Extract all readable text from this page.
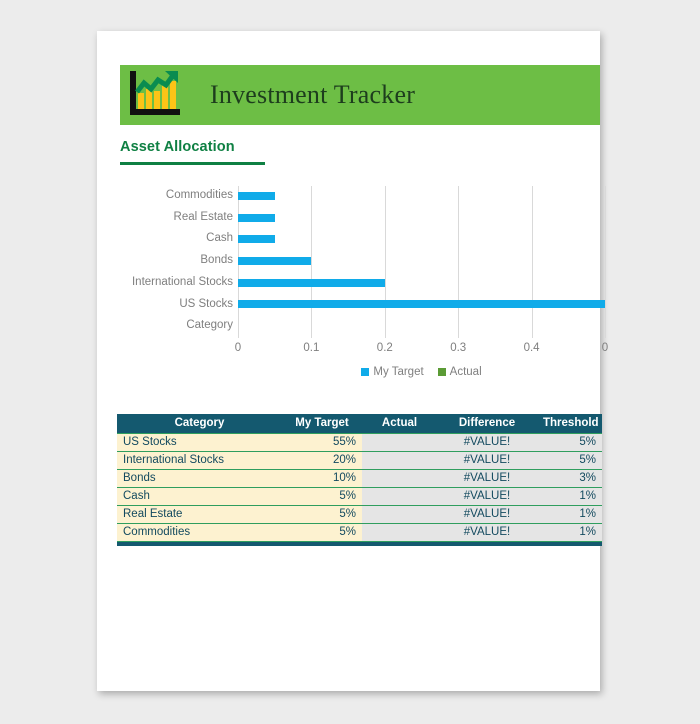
Investment Tracker
Asset Allocation
Commodities
Real Estate
Cash
Bonds
International Stocks
US Stocks
Category
0	0.1	0.2	0.3	0.4	0
My Target Actual
Category	My Target	Actual	Difference	Threshold
US Stocks	55%		#VALUE!	5%
International Stocks	20%		#VALUE!	5%
Bonds	10%		#VALUE!	3%
Cash	5%		#VALUE!	1%
Real Estate	5%		#VALUE!	1%
Commodities	5%		#VALUE!	1%
